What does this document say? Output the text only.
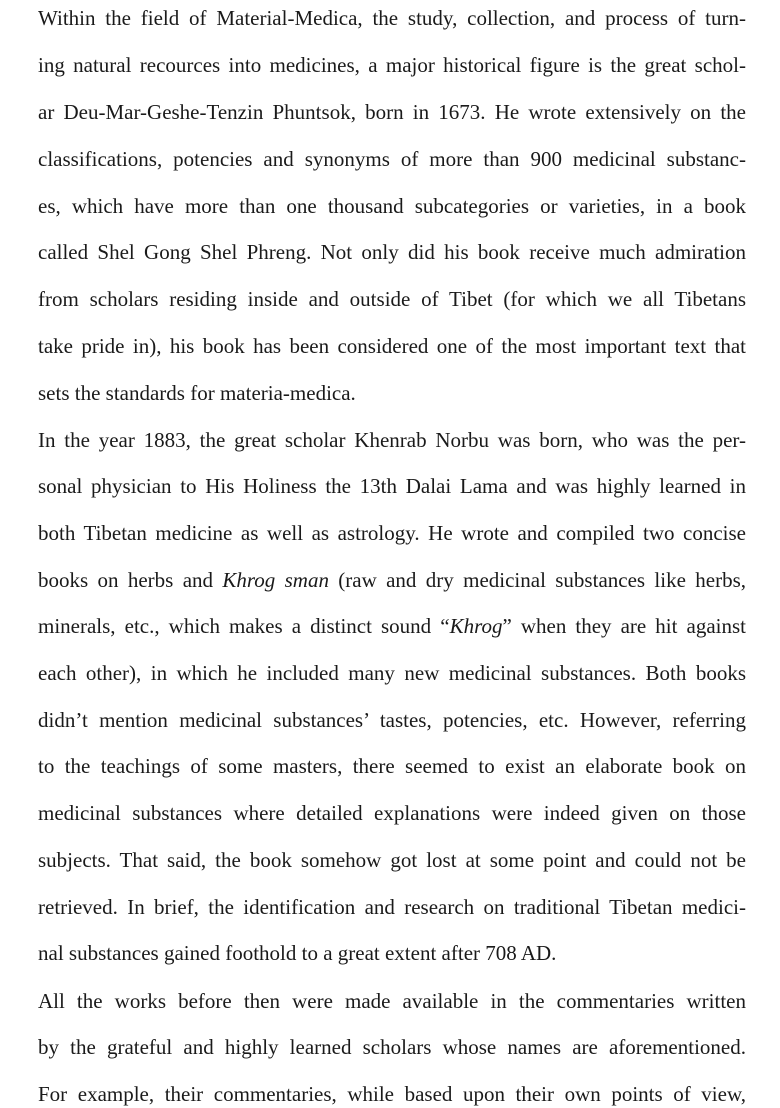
Within the field of Material-Medica, the study, collection, and process of turn-
ing natural recources into medicines, a major historical figure is the great schol-
ar Deu-Mar-Geshe-Tenzin Phuntsok, born in 1673. He wrote extensively on the
classifications, potencies and synonyms of more than 900 medicinal substanc-
es, which have more than one thousand subcategories or varieties, in a book
called Shel Gong Shel Phreng. Not only did his book receive much admiration
from scholars residing inside and outside of Tibet (for which we all Tibetans
take pride in), his book has been considered one of the most important text that
sets the standards for materia-medica.
In the year 1883, the great scholar Khenrab Norbu was born, who was the per-
sonal physician to His Holiness the 13th Dalai Lama and was highly learned in
both Tibetan medicine as well as astrology. He wrote and compiled two concise
books on herbs and Khrog sman (raw and dry medicinal substances like herbs,
minerals, etc., which makes a distinct sound “Khrog” when they are hit against
each other), in which he included many new medicinal substances. Both books
didn’t mention medicinal substances’ tastes, potencies, etc. However, referring
to the teachings of some masters, there seemed to exist an elaborate book on
medicinal substances where detailed explanations were indeed given on those
subjects. That said, the book somehow got lost at some point and could not be
retrieved. In brief, the identification and research on traditional Tibetan medici-
nal substances gained foothold to a great extent after 708 AD.
All the works before then were made available in the commentaries written
by the grateful and highly learned scholars whose names are aforementioned.
For example, their commentaries, while based upon their own points of view,
